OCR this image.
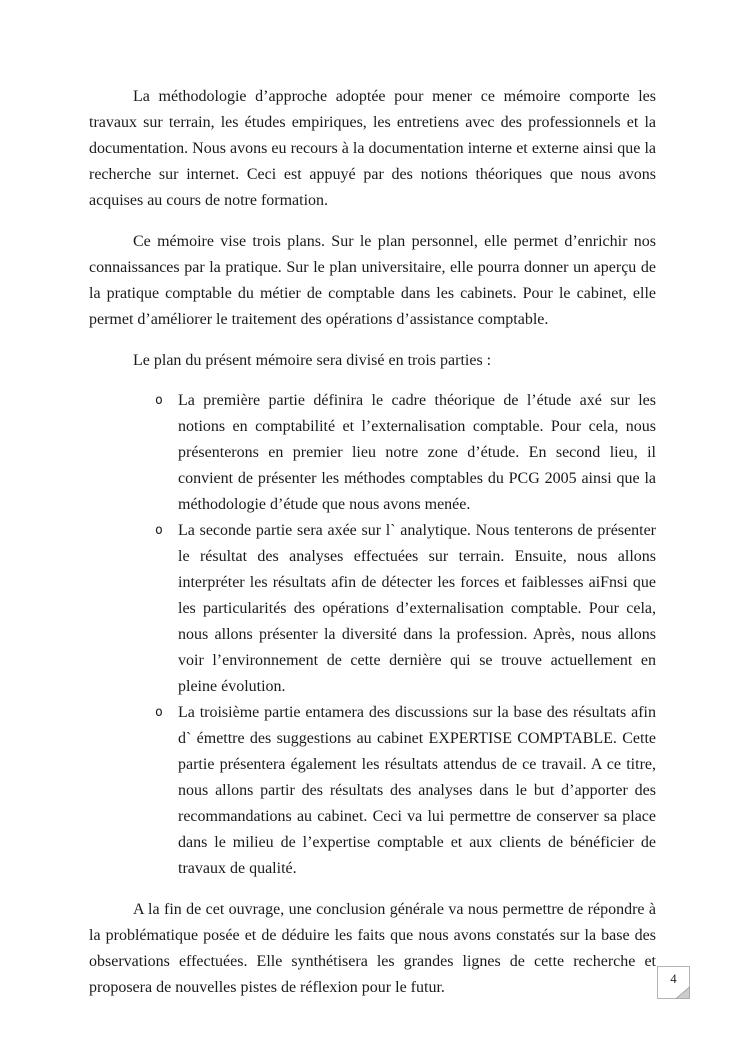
La méthodologie d’approche adoptée pour mener ce mémoire comporte les travaux sur terrain, les études empiriques, les entretiens avec des professionnels et la documentation. Nous avons eu recours à la documentation interne et externe ainsi que la recherche sur internet. Ceci est appuyé par des notions théoriques que nous avons acquises au cours de notre formation.

Ce mémoire vise trois plans. Sur le plan personnel, elle permet d’enrichir nos connaissances par la pratique. Sur le plan universitaire, elle pourra donner un aperçu de la pratique comptable du métier de comptable dans les cabinets. Pour le cabinet, elle permet d’améliorer le traitement des opérations d’assistance comptable.

Le plan du présent mémoire sera divisé en trois parties :

o La première partie définira le cadre théorique de l’étude axé sur les notions en comptabilité et l’externalisation comptable. Pour cela, nous présenterons en premier lieu notre zone d’étude. En second lieu, il convient de présenter les méthodes comptables du PCG 2005 ainsi que la méthodologie d’étude que nous avons menée.
o La seconde partie sera axée sur l` analytique. Nous tenterons de présenter le résultat des analyses effectuées sur terrain. Ensuite, nous allons interpréter les résultats afin de détecter les forces et faiblesses aiFnsi que les particularités des opérations d’externalisation comptable. Pour cela, nous allons présenter la diversité dans la profession. Après, nous allons voir l’environnement de cette dernière qui se trouve actuellement en pleine évolution.
o La troisième partie entamera des discussions sur la base des résultats afin d` émettre des suggestions au cabinet EXPERTISE COMPTABLE. Cette partie présentera également les résultats attendus de ce travail. A ce titre, nous allons partir des résultats des analyses dans le but d’apporter des recommandations au cabinet. Ceci va lui permettre de conserver sa place dans le milieu de l’expertise comptable et aux clients de bénéficier de travaux de qualité.

A la fin de cet ouvrage, une conclusion générale va nous permettre de répondre à la problématique posée et de déduire les faits que nous avons constatés sur la base des observations effectuées. Elle synthétisera les grandes lignes de cette recherche et proposera de nouvelles pistes de réflexion pour le futur.	4
